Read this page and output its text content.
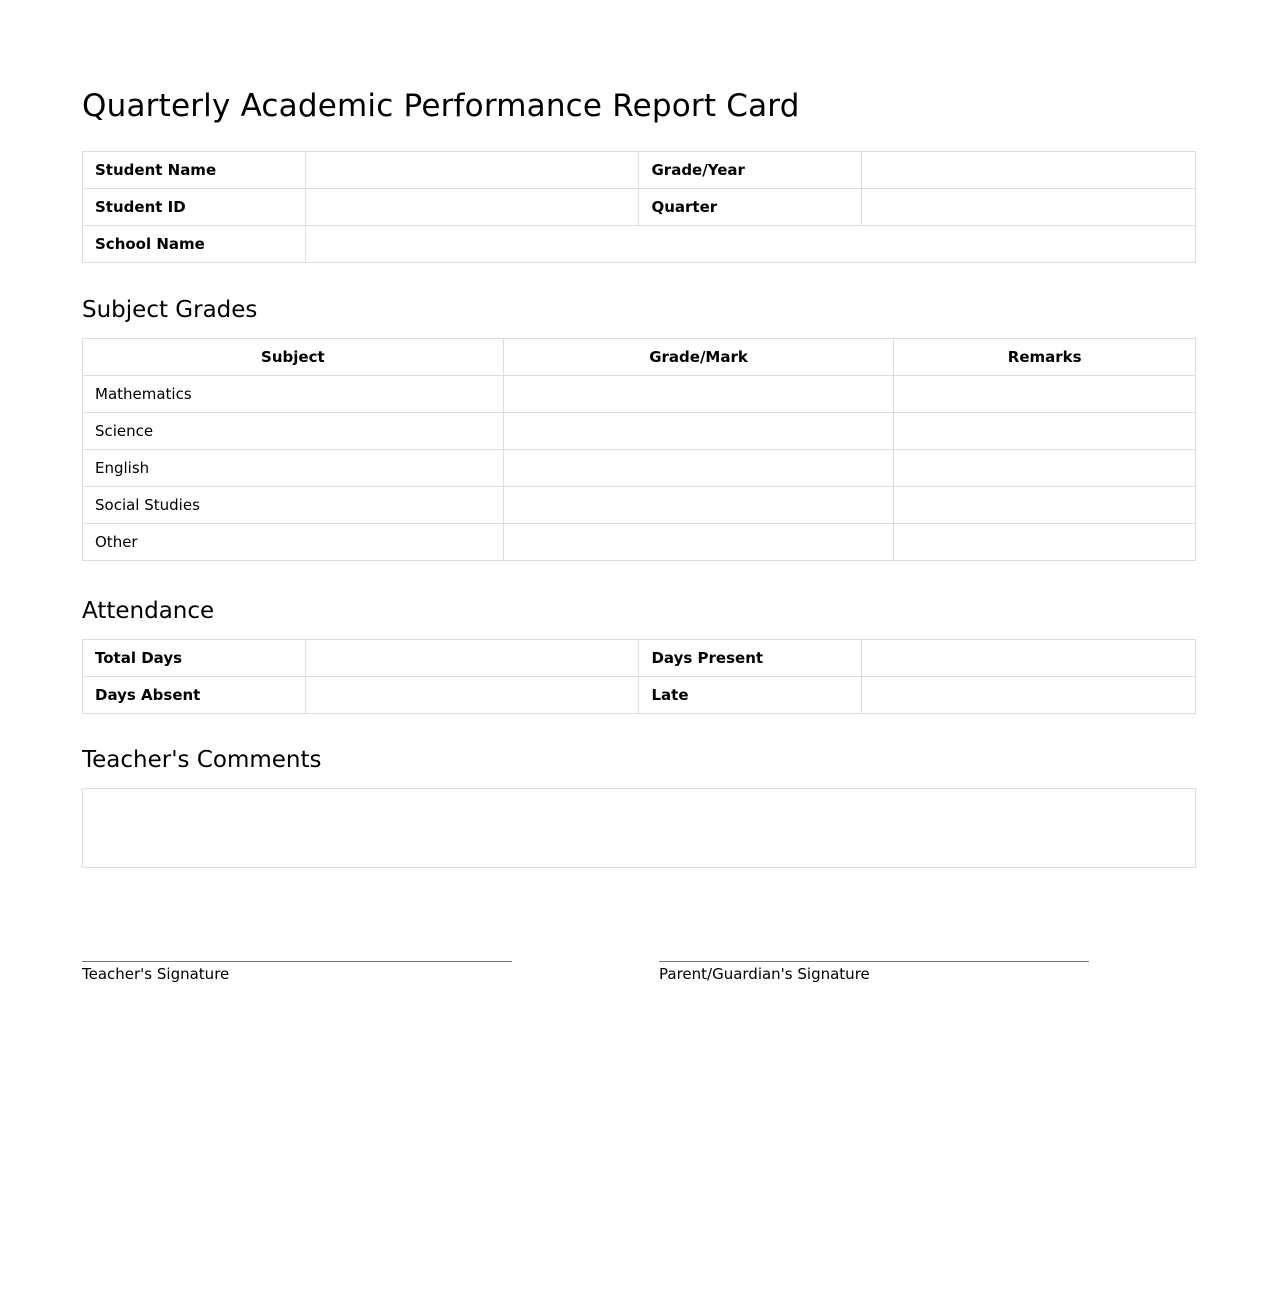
Quarterly Academic Performance Report Card
Student Name		Grade/Year	
Student ID		Quarter	
School Name			
Subject Grades
Subject	Grade/Mark	Remarks
Mathematics		
Science		
English		
Social Studies		
Other		
Attendance
Total Days		Days Present	
Days Absent		Late	
Teacher's Comments
Teacher's Signature	Parent/Guardian's Signature
